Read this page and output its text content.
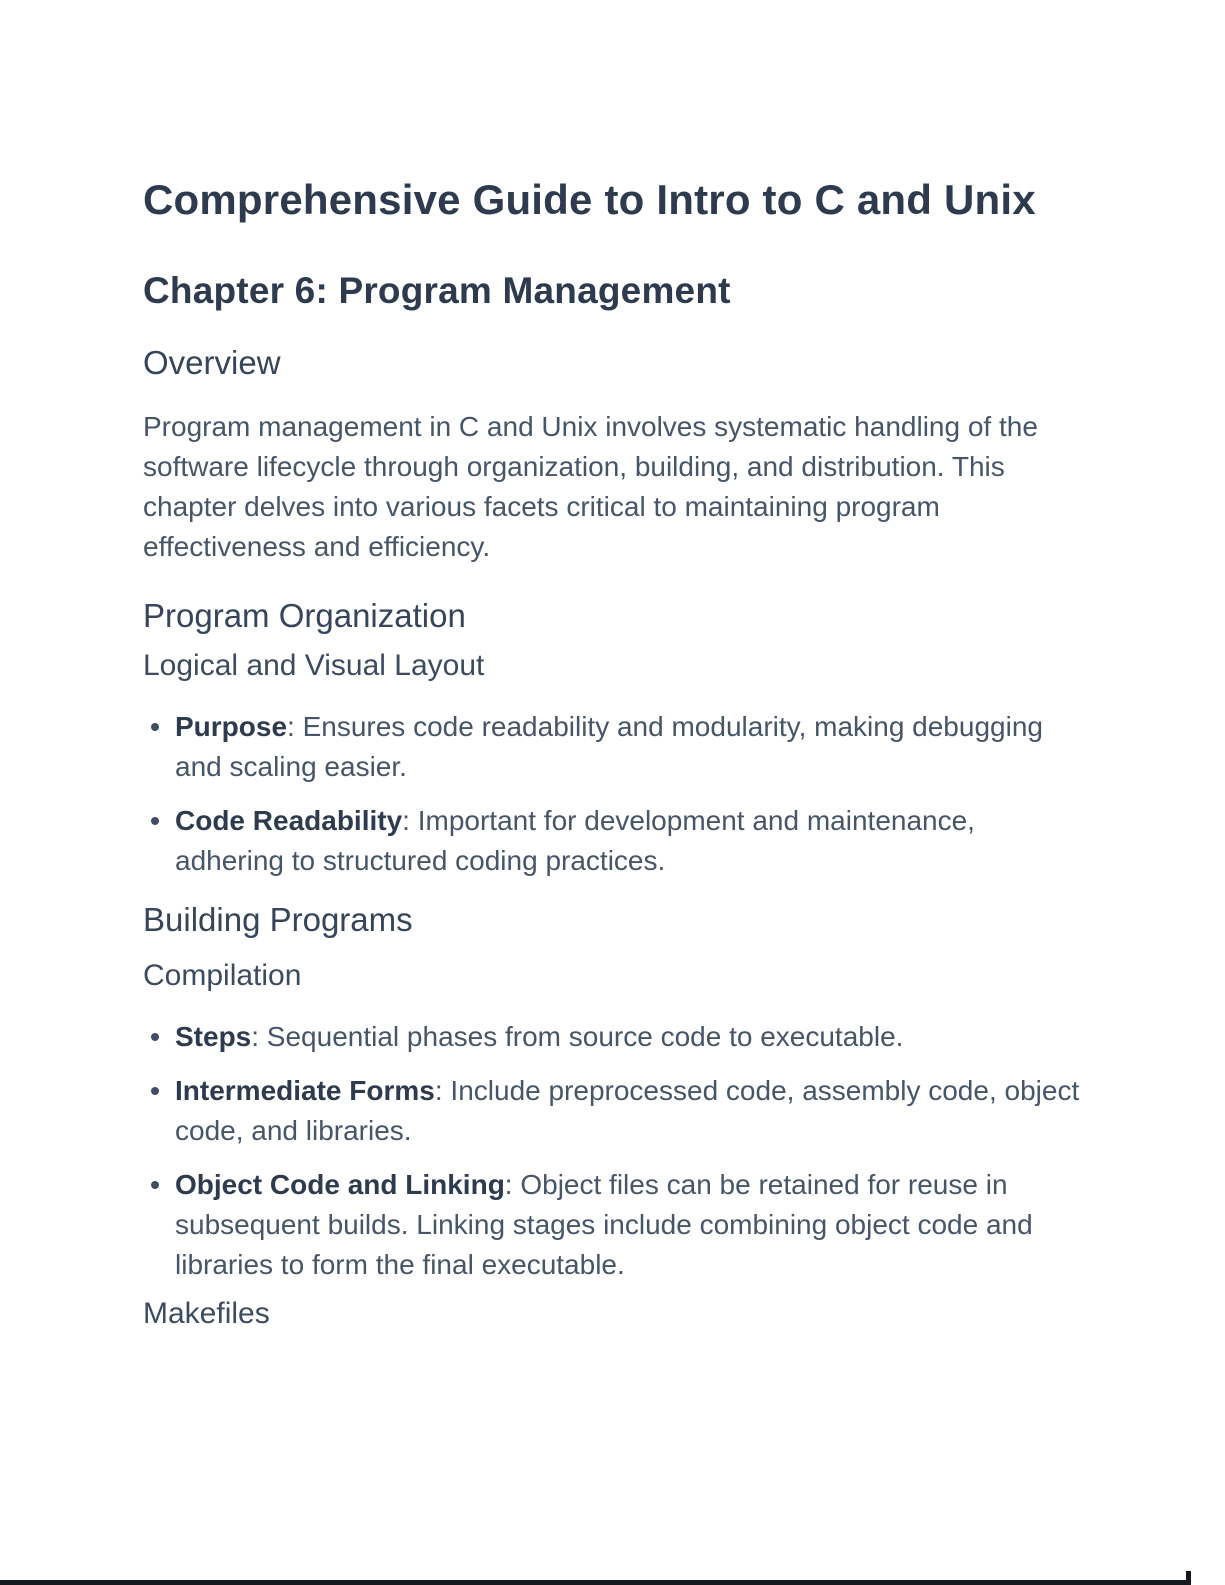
Comprehensive Guide to Intro to C and Unix
Chapter 6: Program Management
Overview

Program management in C and Unix involves systematic handling of the software lifecycle through organization, building, and distribution. This chapter delves into various facets critical to maintaining program effectiveness and efficiency.

Program Organization
Logical and Visual Layout
Purpose: Ensures code readability and modularity, making debugging and scaling easier.
Code Readability: Important for development and maintenance, adhering to structured coding practices.
Building Programs
Compilation
Steps: Sequential phases from source code to executable.
Intermediate Forms: Include preprocessed code, assembly code, object code, and libraries.
Object Code and Linking: Object files can be retained for reuse in subsequent builds. Linking stages include combining object code and libraries to form the final executable.
Makefiles
